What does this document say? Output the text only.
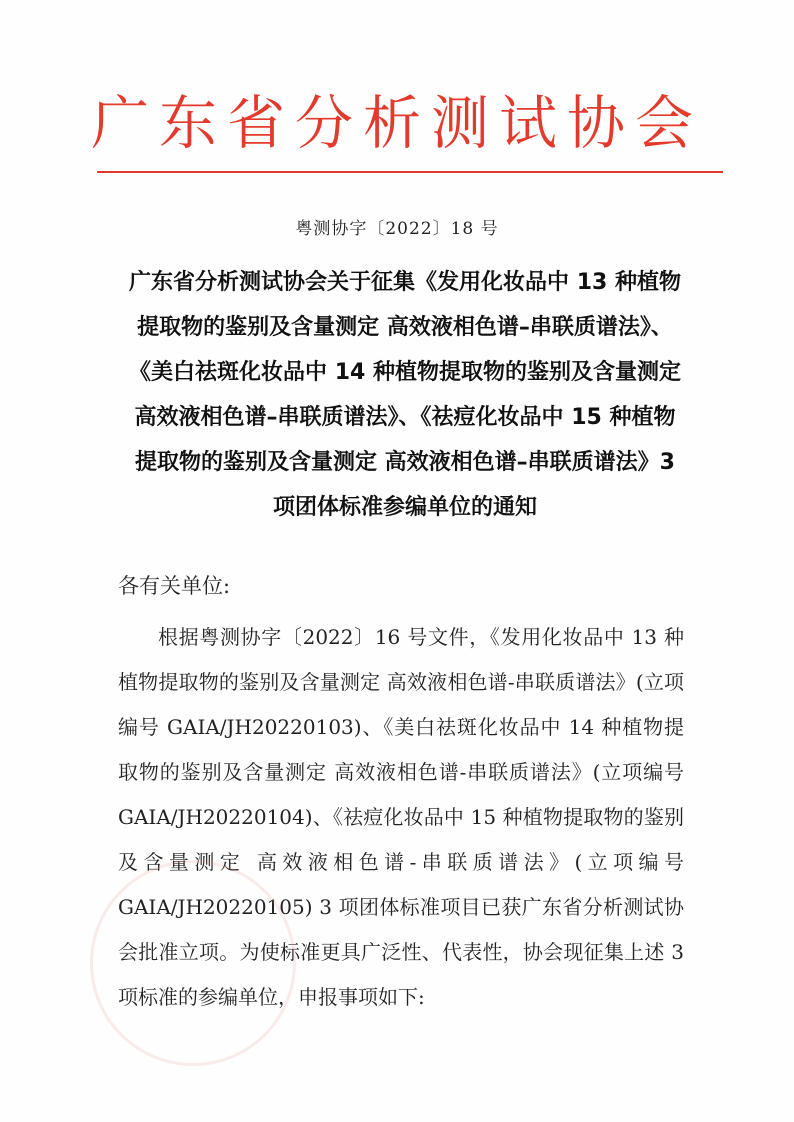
广东省分析测试协会
粤测协字〔2022〕18 号
广东省分析测试协会关于征集《发用化妆品中 13 种植物提取物的鉴别及含量测定 高效液相色谱–串联质谱法》、《美白祛斑化妆品中 14 种植物提取物的鉴别及含量测定 高效液相色谱–串联质谱法》、《祛痘化妆品中 15 种植物提取物的鉴别及含量测定 高效液相色谱–串联质谱法》3 项团体标准参编单位的通知
各有关单位:
根据粤测协字〔2022〕16 号文件，《发用化妆品中 13 种植物提取物的鉴别及含量测定 高效液相色谱-串联质谱法》(立项编号 GAIA/JH20220103)、《美白祛斑化妆品中 14 种植物提取物的鉴别及含量测定 高效液相色谱-串联质谱法》(立项编号 GAIA/JH20220104)、《祛痘化妆品中 15 种植物提取物的鉴别及含量测定 高效液相色谱-串联质谱法》(立项编号 GAIA/JH20220105) 3 项团体标准项目已获广东省分析测试协会批准立项。为使标准更具广泛性、代表性，协会现征集上述 3 项标准的参编单位，申报事项如下:
